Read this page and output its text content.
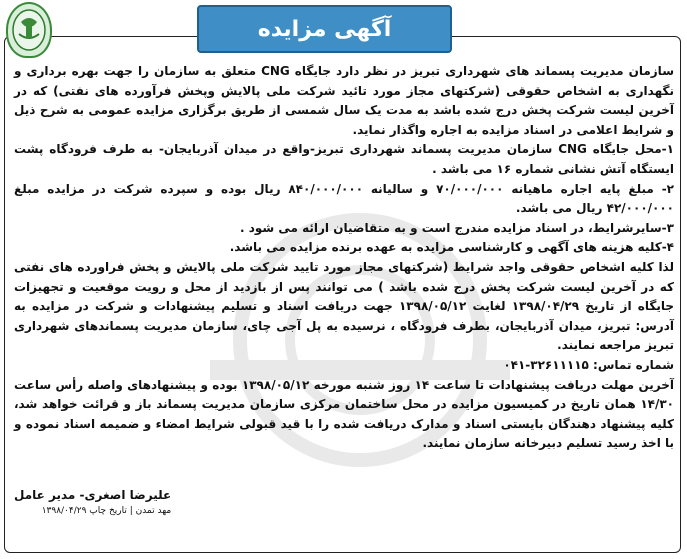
آگهی مزایده

سازمان مدیریت پسماند های شهرداری تبریز در نظر دارد جایگاه CNG متعلق به سازمان را جهت بهره برداری و نگهداری به اشخاص حقوقی (شرکتهای مجاز مورد تائید شرکت ملی پالایش وپخش فرآورده های نفتی) که در آخرین لیست شرکت پخش درج شده باشد به مدت یک سال شمسی از طریق برگزاری مزایده عمومی به شرح ذیل و شرایط اعلامی در اسناد مزایده به اجاره واگذار نماید.

۱-محل جایگاه CNG سازمان مدیریت پسماند شهرداری تبریز-واقع در میدان آذربایجان- به طرف فرودگاه پشت ایستگاه آتش نشانی شماره ۱۶ می باشد .

۲- مبلغ پایه اجاره ماهیانه ۷۰/۰۰۰/۰۰۰ و سالیانه ۸۴۰/۰۰۰/۰۰۰ ریال بوده و سپرده شرکت در مزایده مبلغ ۴۲/۰۰۰/۰۰۰ ریال می باشد.

۳-سایرشرایط، در اسناد مزایده مندرج است و به متقاضیان ارائه می شود .

۴-کلیه هزینه های آگهی و کارشناسی مزایده به عهده برنده مزایده می باشد.

لذا کلیه اشخاص حقوقی واجد شرایط (شرکتهای مجاز مورد تایید شرکت ملی پالایش و پخش فراورده های نفتی که در آخرین لیست شرکت پخش درج شده باشد ) می توانند پس از بازدید از محل و رویت موقعیت و تجهیزات جایگاه از تاریخ ۱۳۹۸/۰۴/۲۹ لغایت ۱۳۹۸/۰۵/۱۲ جهت دریافت اسناد و تسلیم پیشنهادات و شرکت در مزایده به آدرس: تبریز، میدان آذربایجان، بطرف فرودگاه ، نرسیده به پل آجی چای، سازمان مدیریت پسماندهای شهرداری تبریز مراجعه نمایند.

شماره تماس: ۳۲۶۱۱۱۱۵-۰۴۱

آخرین مهلت دریافت پیشنهادات تا ساعت ۱۴ روز شنبه مورخه ۱۳۹۸/۰۵/۱۲ بوده و پیشنهادهای واصله رأس ساعت ۱۴/۳۰ همان تاریخ در کمیسیون مزایده در محل ساختمان مرکزی سازمان مدیریت پسماند باز و قرائت خواهد شد، کلیه پیشنهاد دهندگان بایستی اسناد و مدارک دریافت شده را با قید قبولی شرایط امضاء و ضمیمه اسناد نموده و با اخذ رسید تسلیم دبیرخانه سازمان نمایند.

علیرضا اصغری- مدیر عامل
مهد تمدن | تاریخ چاپ ۱۳۹۸/۰۴/۲۹
